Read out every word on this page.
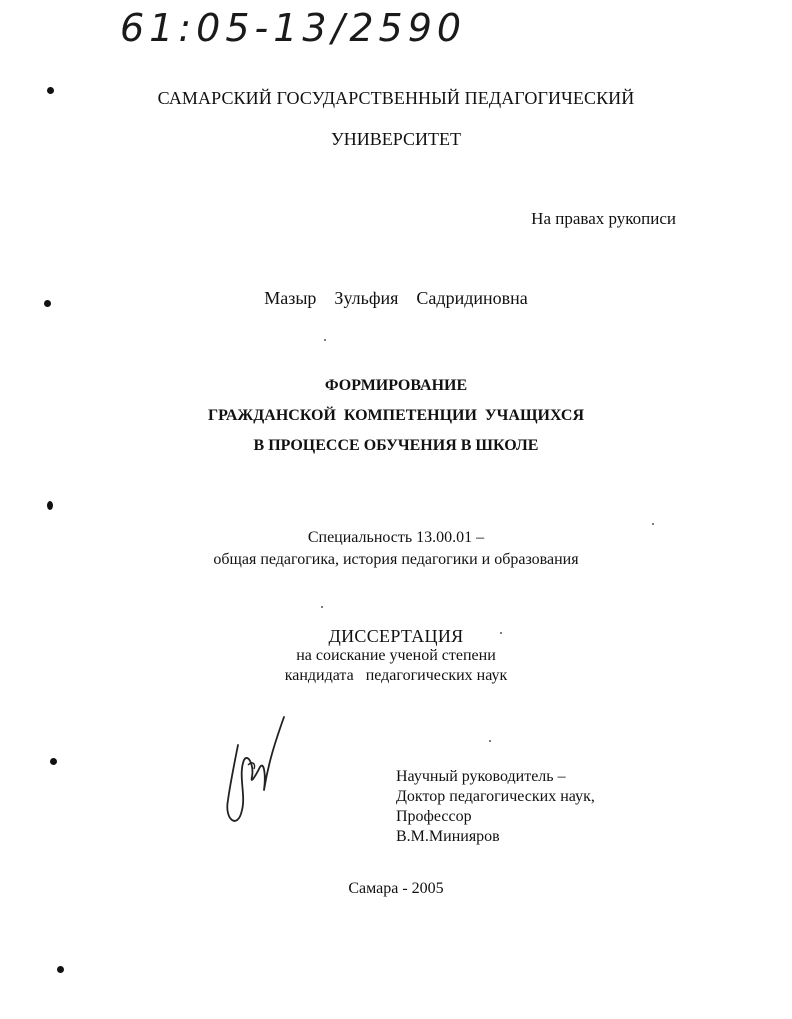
61:05-13/2590
САМАРСКИЙ ГОСУДАРСТВЕННЫЙ ПЕДАГОГИЧЕСКИЙ
УНИВЕРСИТЕТ
На правах рукописи
Мазыр    Зульфия    Садридиновна
ФОРМИРОВАНИЕ
ГРАЖДАНСКОЙ  КОМПЕТЕНЦИИ  УЧАЩИХСЯ
В ПРОЦЕССЕ ОБУЧЕНИЯ В ШКОЛЕ
Специальность 13.00.01 –
общая педагогика, история педагогики и образования
ДИССЕРТАЦИЯ
на соискание ученой степени
кандидата   педагогических наук
Научный руководитель –
Доктор педагогических наук,
Профессор
В.М.Минияров
Самара - 2005
